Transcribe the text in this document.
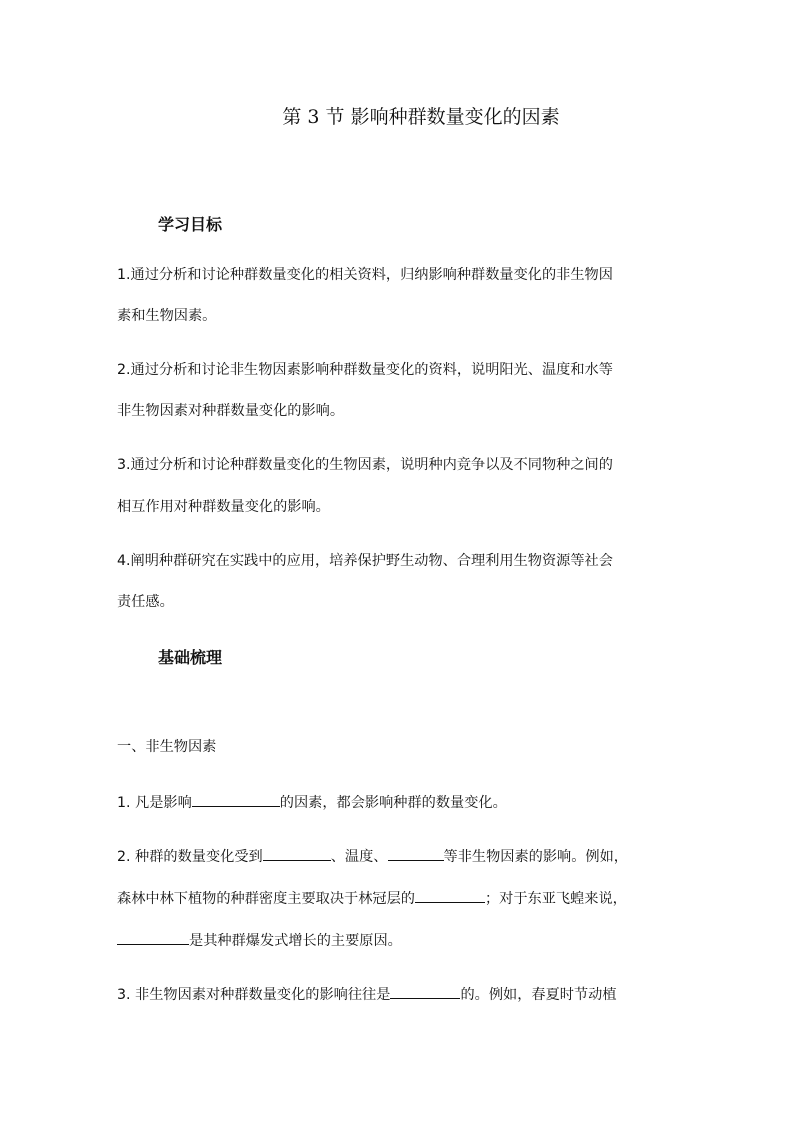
第 3 节 影响种群数量变化的因素
学习目标
1.通过分析和讨论种群数量变化的相关资料，归纳影响种群数量变化的非生物因
素和生物因素。
2.通过分析和讨论非生物因素影响种群数量变化的资料，说明阳光、温度和水等
非生物因素对种群数量变化的影响。
3.通过分析和讨论种群数量变化的生物因素，说明种内竞争以及不同物种之间的
相互作用对种群数量变化的影响。
4.阐明种群研究在实践中的应用，培养保护野生动物、合理利用生物资源等社会
责任感。
基础梳理
一、非生物因素
1. 凡是影响	的因素，都会影响种群的数量变化。
2. 种群的数量变化受到	、温度、	等非生物因素的影响。例如，
森林中林下植物的种群密度主要取决于林冠层的	；对于东亚飞蝗来说，
是其种群爆发式增长的主要原因。
3. 非生物因素对种群数量变化的影响往往是	的。例如，春夏时节动植
